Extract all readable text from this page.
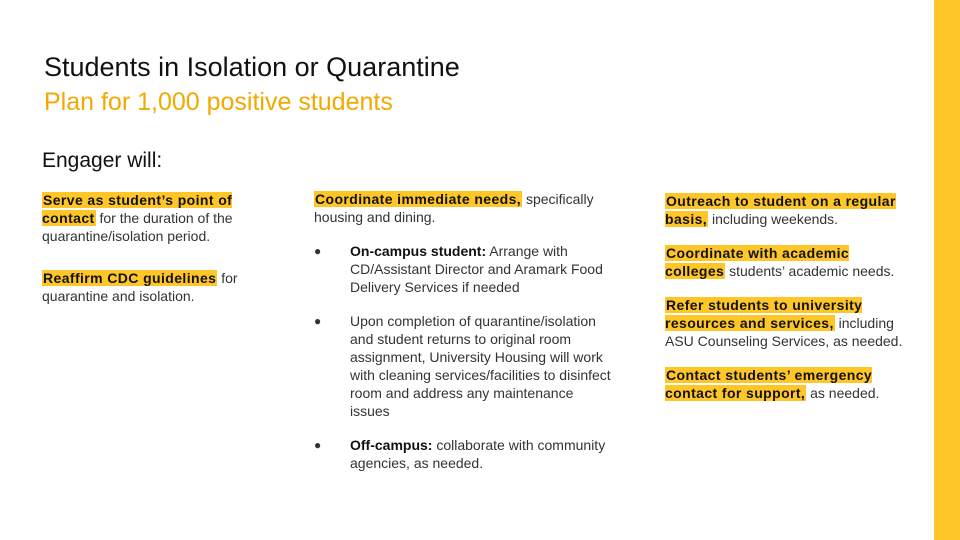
Students in Isolation or Quarantine
Plan for 1,000 positive students
Engager will:

Serve as student’s point of contact for the duration of the quarantine/isolation period.

Reaffirm CDC guidelines for quarantine and isolation.

Coordinate immediate needs, specifically housing and dining.

● On-campus student: Arrange with CD/Assistant Director and Aramark Food Delivery Services if needed
● Upon completion of quarantine/isolation and student returns to original room assignment, University Housing will work with cleaning services/facilities to disinfect room and address any maintenance issues
● Off-campus: collaborate with community agencies, as needed.

Outreach to student on a regular basis, including weekends.

Coordinate with academic colleges students’ academic needs.

Refer students to university resources and services, including ASU Counseling Services, as needed.

Contact students’ emergency contact for support, as needed.
